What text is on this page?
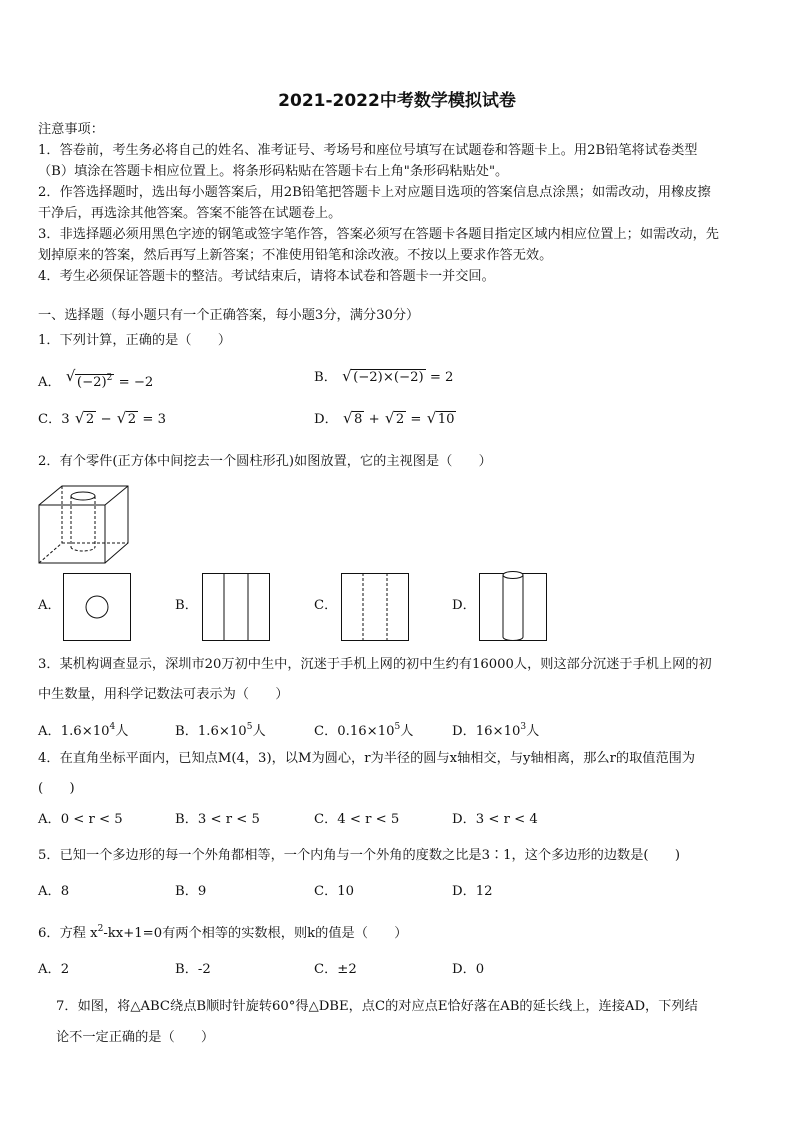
2021-2022中考数学模拟试卷
注意事项：
1．答卷前，考生务必将自己的姓名、准考证号、考场号和座位号填写在试题卷和答题卡上。用2B铅笔将试卷类型
（B）填涂在答题卡相应位置上。将条形码粘贴在答题卡右上角"条形码粘贴处"。
2．作答选择题时，选出每小题答案后，用2B铅笔把答题卡上对应题目选项的答案信息点涂黑；如需改动，用橡皮擦
干净后，再选涂其他答案。答案不能答在试题卷上。
3．非选择题必须用黑色字迹的钢笔或签字笔作答，答案必须写在答题卡各题目指定区域内相应位置上；如需改动，先
划掉原来的答案，然后再写上新答案；不准使用铅笔和涂改液。不按以上要求作答无效。
4．考生必须保证答题卡的整洁。考试结束后，请将本试卷和答题卡一并交回。
一、选择题（每小题只有一个正确答案，每小题3分，满分30分）
1．下列计算，正确的是（　　）
A． √ $(-2)^2 = -2$	B． √ (−2)×(−2) = 2
C．3 √ 2 − √ 2 = 3	D． √ 8 + √ 2 = √ 10
2．有个零件(正方体中间挖去一个圆柱形孔)如图放置，它的主视图是（　　）
A．	B．	C．	D．
3．某机构调查显示，深圳市20万初中生中，沉迷于手机上网的初中生约有16000人，则这部分沉迷于手机上网的初
中生数量，用科学记数法可表示为（　　）
A．$1.6\times 10^4$人	B．$1.6\times 10^5$人	C．$0.16\times 10^5$人	D．$16\times 10^3$人
4．在直角坐标平面内，已知点M(4，3)，以M为圆心，r为半径的圆与x轴相交，与y轴相离，那么r的取值范围为
(　　)
A．0 < r < 5	B．3 < r < 5	C．4 < r < 5	D．3 < r < 4
5．已知一个多边形的每一个外角都相等，一个内角与一个外角的度数之比是3∶1，这个多边形的边数是(　　)
A．8	B．9	C．10	D．12
6．方程 $x^2-kx+1=0$有两个相等的实数根，则k的值是（　　）
A．2	B．-2	C．±2	D．0
7．如图，将△ABC绕点B顺时针旋转60°得△DBE，点C的对应点E恰好落在AB的延长线上，连接AD，下列结
论不一定正确的是（　　）
